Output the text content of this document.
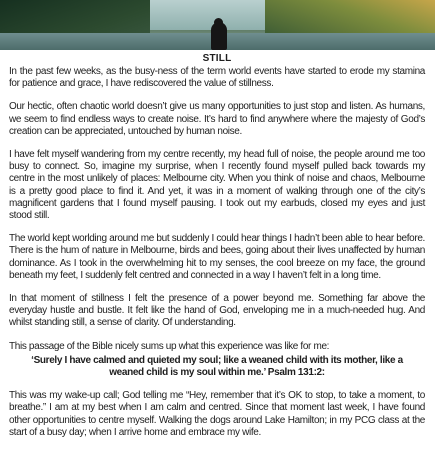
STILL

In the past few weeks, as the busy-ness of the term world events have started to erode my stamina for patience and grace, I have rediscovered the value of stillness.

Our hectic, often chaotic world doesn’t give us many opportunities to just stop and listen. As humans, we seem to find endless ways to create noise. It’s hard to find anywhere where the majesty of God’s creation can be appreciated, untouched by human noise.

I have felt myself wandering from my centre recently, my head full of noise, the people around me too busy to connect. So, imagine my surprise, when I recently found myself pulled back towards my centre in the most unlikely of places: Melbourne city. When you think of noise and chaos, Melbourne is a pretty good place to find it. And yet, it was in a moment of walking through one of the city’s magnificent gardens that I found myself pausing. I took out my earbuds, closed my eyes and just stood still.

The world kept worlding around me but suddenly I could hear things I hadn’t been able to hear before. There is the hum of nature in Melbourne, birds and bees, going about their lives unaffected by human dominance. As I took in the overwhelming hit to my senses, the cool breeze on my face, the ground beneath my feet, I suddenly felt centred and connected in a way I haven’t felt in a long time.

In that moment of stillness I felt the presence of a power beyond me. Something far above the everyday hustle and bustle. It felt like the hand of God, enveloping me in a much-needed hug. And whilst standing still, a sense of clarity. Of understanding.

This passage of the Bible nicely sums up what this experience was like for me:

‘Surely I have calmed and quieted my soul; like a weaned child with its mother, like a
weaned child is my soul within me.’ Psalm 131:2:

This was my wake-up call; God telling me “Hey, remember that it’s OK to stop, to take a moment, to breathe.” I am at my best when I am calm and centred. Since that moment last week, I have found other opportunities to centre myself. Walking the dogs around Lake Hamilton; in my PCG class at the start of a busy day; when I arrive home and embrace my wife.
